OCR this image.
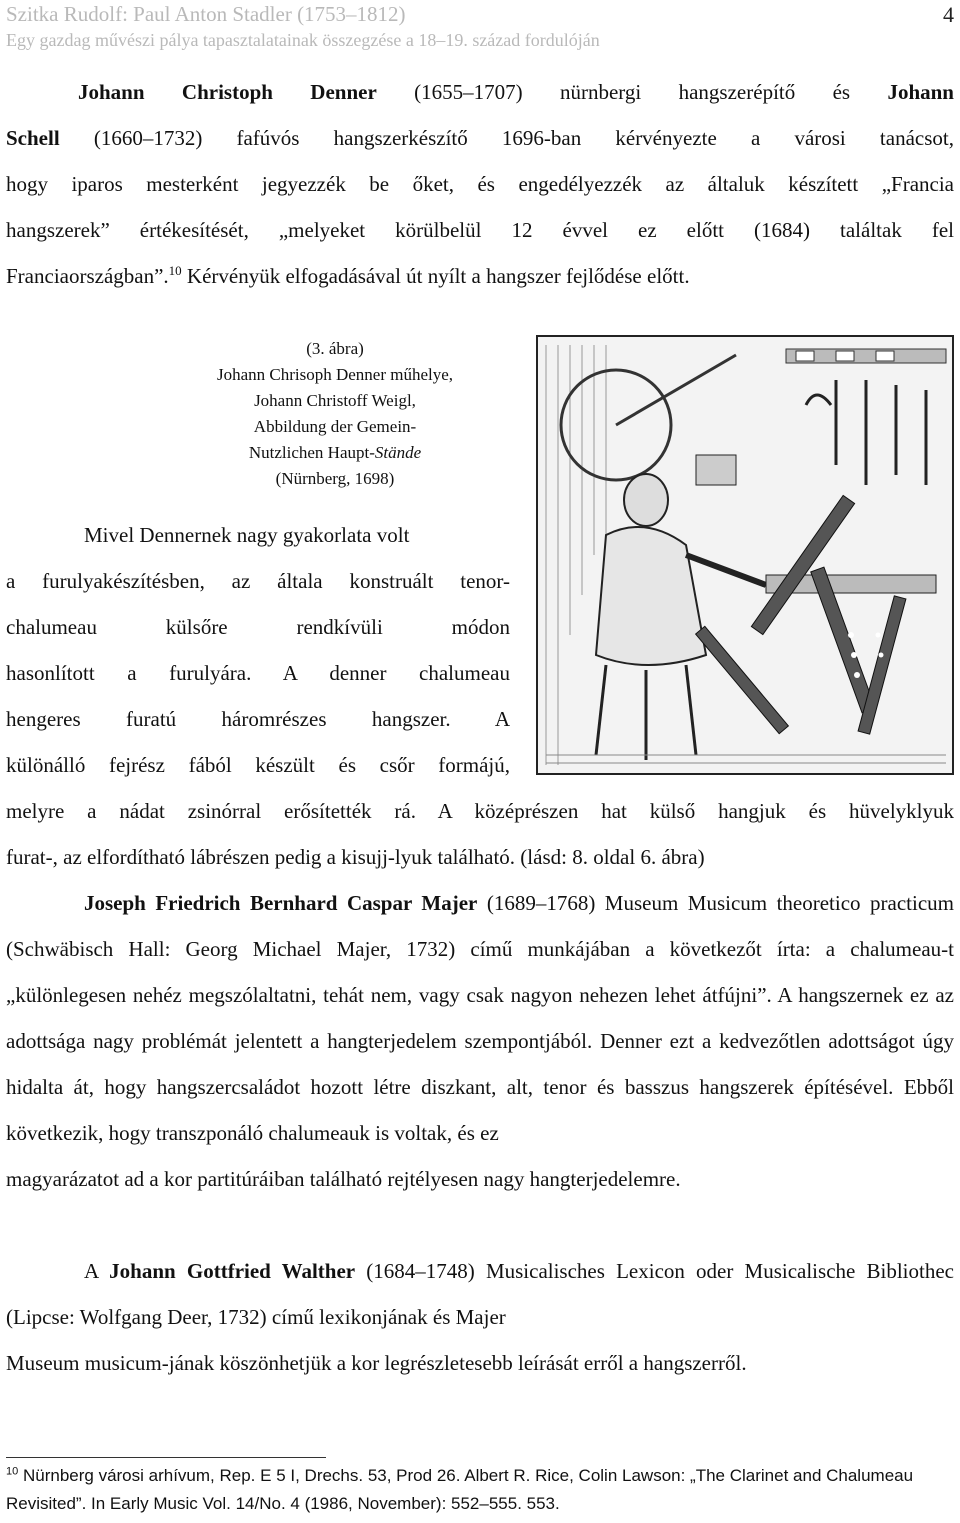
Szitka Rudolf: Paul Anton Stadler (1753–1812)
Egy gazdag művészi pálya tapasztalatainak összegzése a 18–19. század fordulóján
4
Johann Christoph Denner (1655–1707) nürnbergi hangszerépítő és Johann
Schell (1660–1732) fafúvós hangszerkészítő 1696-ban kérvényezte a városi tanácsot,
hogy iparos mesterként jegyezzék be őket, és engedélyezzék az általuk készített „Francia
hangszerek” értékesítését, „melyeket körülbelül 12 évvel ez előtt (1684) találtak fel
Franciaországban”.$^{10}$ Kérvényük elfogadásával út nyílt a hangszer fejlődése előtt.
(3. ábra)
Johann Chrisoph Denner műhelye,
Johann Christoff Weigl,
Abbildung der Gemein-
Nutzlichen Haupt-Stände
(Nürnberg, 1698)
Mivel Dennernek nagy gyakorlata volt
a furulyakészítésben, az általa konstruált tenor-
chalumeau külsőre rendkívüli módon
hasonlított a furulyára. A denner chalumeau
hengeres furatú háromrészes hangszer. A
különálló fejrész fából készült és csőr formájú,
melyre a nádat zsinórral erősítették rá. A középrészen hat külső hangjuk és hüvelyklyuk
furat-, az elfordítható lábrészen pedig a kisujj-lyuk található. (lásd: 8. oldal 6. ábra)
Joseph Friedrich Bernhard Caspar Majer (1689–1768) Museum Musicum theoretico practicum (Schwäbisch Hall: Georg Michael Majer, 1732) című munkájában a következőt írta: a chalumeau-t „különlegesen nehéz megszólaltatni, tehát nem, vagy csak nagyon nehezen lehet átfújni”. A hangszernek ez az adottsága nagy problémát jelentett a hangterjedelem szempontjából. Denner ezt a kedvezőtlen adottságot úgy hidalta át, hogy hangszercsaládot hozott létre diszkant, alt, tenor és basszus hangszerek építésével. Ebből következik, hogy transzponáló chalumeauk is voltak, és ez
magyarázatot ad a kor partitúráiban található rejtélyesen nagy hangterjedelemre.
A Johann Gottfried Walther (1684–1748) Musicalisches Lexicon oder Musicalische Bibliothec (Lipcse: Wolfgang Deer, 1732) című lexikonjának és Majer
Museum musicum-jának köszönhetjük a kor legrészletesebb leírását erről a hangszerről.
$^{10}$ Nürnberg városi arhívum, Rep. E 5 I, Drechs. 53, Prod 26. Albert R. Rice, Colin Lawson: „The Clarinet and Chalumeau Revisited”. In Early Music Vol. 14/No. 4 (1986, November): 552–555. 553.
